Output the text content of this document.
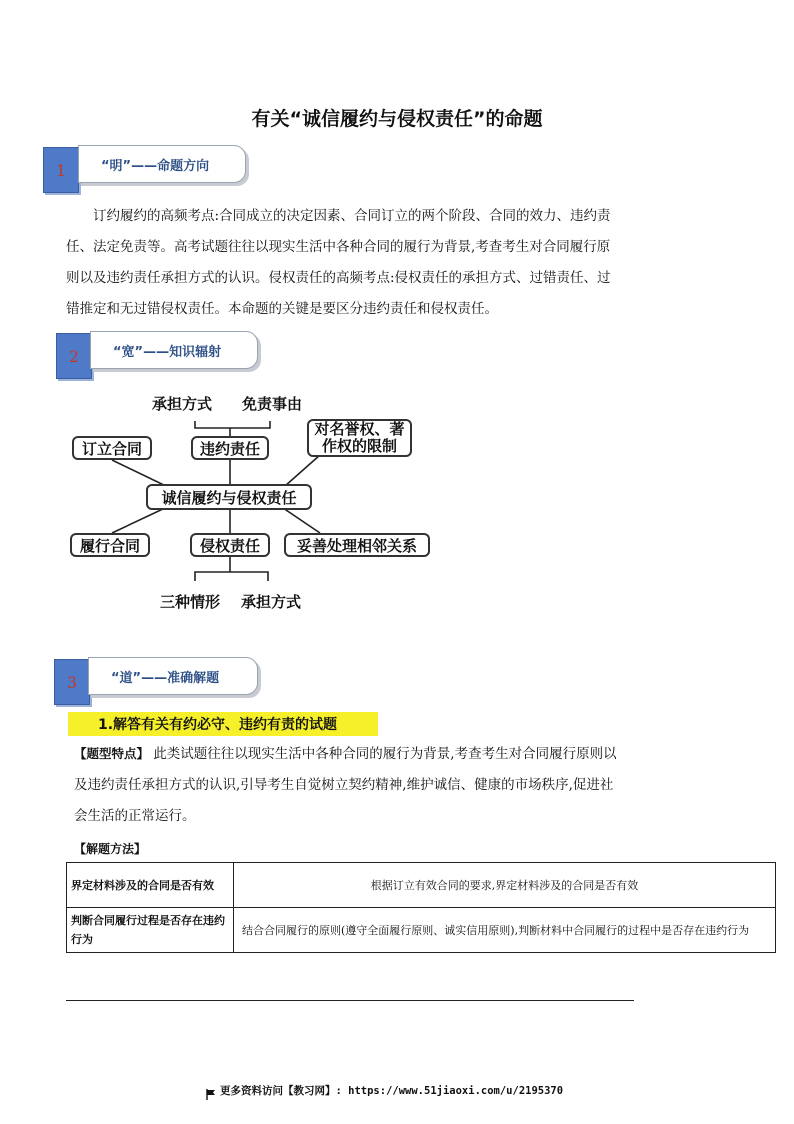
有关“诚信履约与侵权责任”的命题
1	“明”——命题方向
订约履约的高频考点:合同成立的决定因素、合同订立的两个阶段、合同的效力、违约责
任、法定免责等。高考试题往往以现实生活中各种合同的履行为背景,考查考生对合同履行原
则以及违约责任承担方式的认识。侵权责任的高频考点:侵权责任的承担方式、过错责任、过
错推定和无过错侵权责任。本命题的关键是要区分违约责任和侵权责任。
2	“宽”——知识辐射
承担方式 免责事由
违约责任
订立合同
对名誉权、著
作权的限制
诚信履约与侵权责任
履行合同	侵权责任	妥善处理相邻关系
三种情形 承担方式
3	“道”——准确解题
1.解答有关有约必守、违约有责的试题
【题型特点】 此类试题往往以现实生活中各种合同的履行为背景,考查考生对合同履行原则以
及违约责任承担方式的认识,引导考生自觉树立契约精神,维护诚信、健康的市场秩序,促进社
会生活的正常运行。
【解题方法】
界定材料涉及的合同是否有效	根据订立有效合同的要求,界定材料涉及的合同是否有效
判断合同履行过程是否存在违约行为	结合合同履行的原则(遵守全面履行原则、诚实信用原则),判断材料中合同履行的过程中是否存在违约行为
更多资料访问【教习网】: https://www.51jiaoxi.com/u/2195370
